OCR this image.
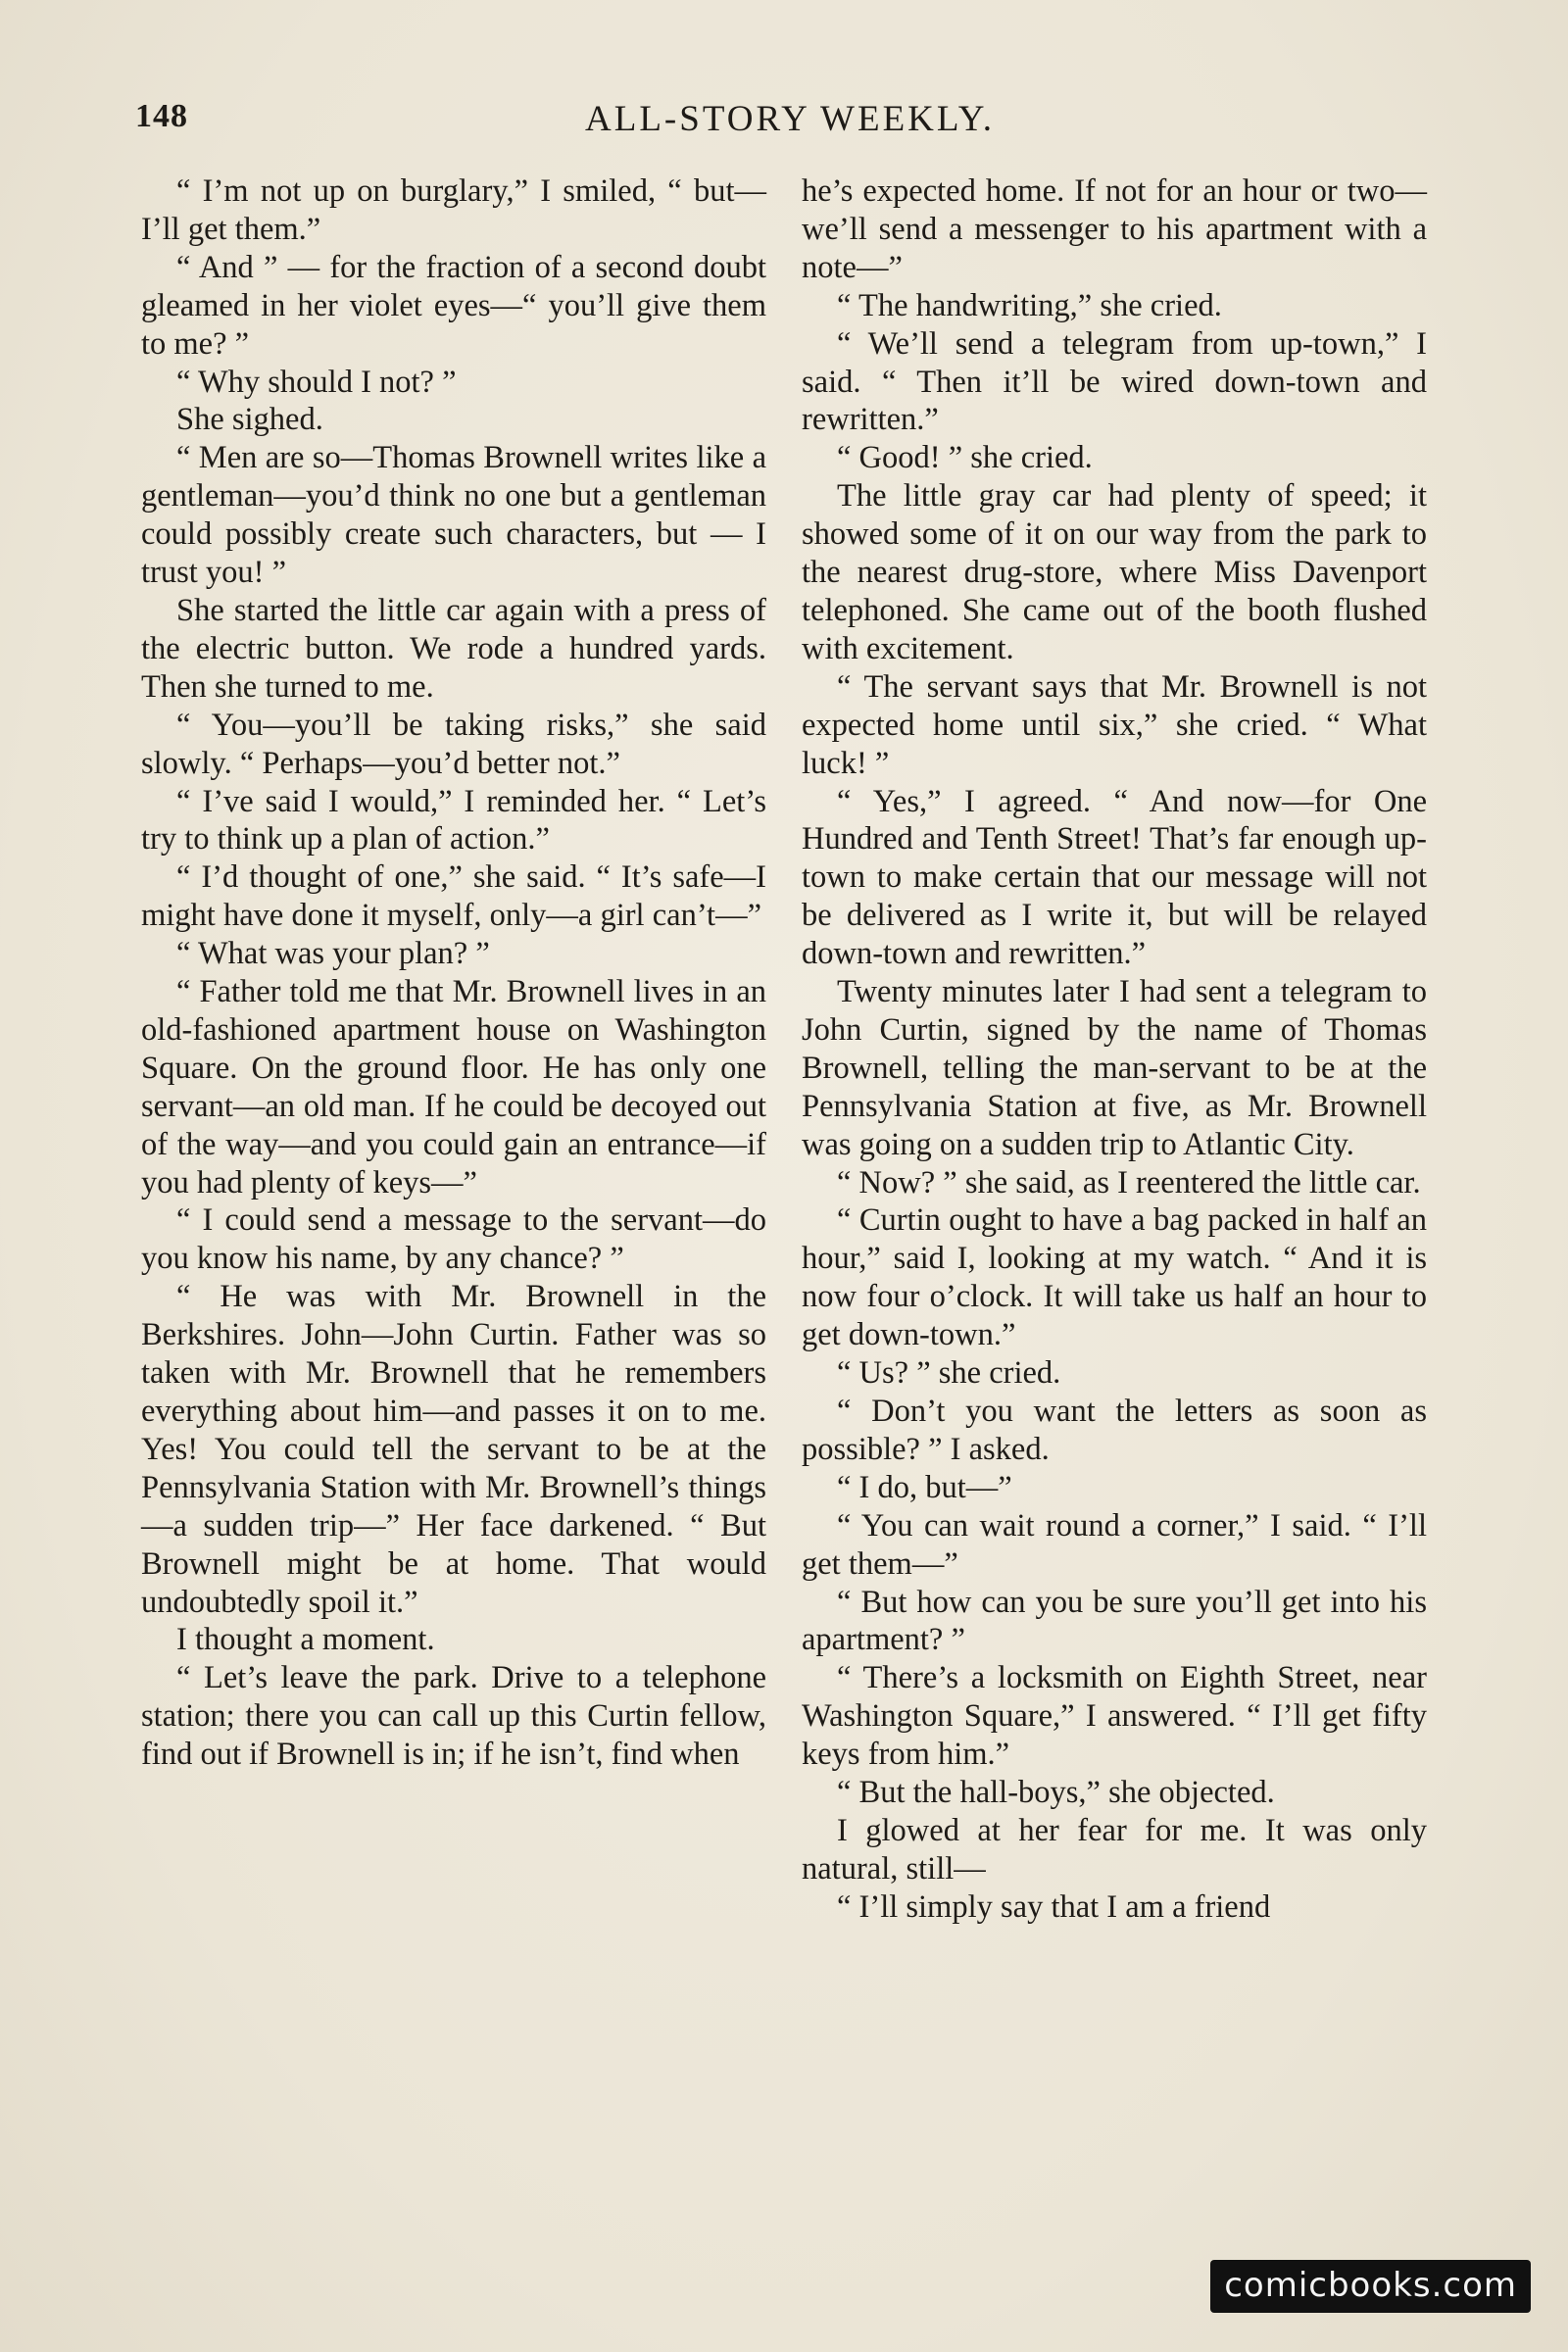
148	ALL-STORY WEEKLY.

“ I’m not up on burglary,” I smiled, “ but—I’ll get them.”

“ And ” — for the fraction of a second doubt gleamed in her violet eyes—“ you’ll give them to me? ”

“ Why should I not? ”

She sighed.

“ Men are so—Thomas Brownell writes like a gentleman—you’d think no one but a gentleman could possibly create such characters, but — I trust you! ”

She started the little car again with a press of the electric button. We rode a hundred yards. Then she turned to me.

“ You—you’ll be taking risks,” she said slowly. “ Perhaps—you’d better not.”

“ I’ve said I would,” I reminded her. “ Let’s try to think up a plan of action.”

“ I’d thought of one,” she said. “ It’s safe—I might have done it myself, only—a girl can’t—”

“ What was your plan? ”

“ Father told me that Mr. Brownell lives in an old-fashioned apartment house on Washington Square. On the ground floor. He has only one servant—an old man. If he could be decoyed out of the way—and you could gain an entrance—if you had plenty of keys—”

“ I could send a message to the servant—do you know his name, by any chance? ”

“ He was with Mr. Brownell in the Berkshires. John—John Curtin. Father was so taken with Mr. Brownell that he remembers everything about him—and passes it on to me. Yes! You could tell the servant to be at the Pennsylvania Station with Mr. Brownell’s things—a sudden trip—” Her face darkened. “ But Brownell might be at home. That would undoubtedly spoil it.”

I thought a moment.

“ Let’s leave the park. Drive to a telephone station; there you can call up this Curtin fellow, find out if Brownell is in; if he isn’t, find when

he’s expected home. If not for an hour or two—we’ll send a messenger to his apartment with a note—”

“ The handwriting,” she cried.

“ We’ll send a telegram from up-town,” I said. “ Then it’ll be wired down-town and rewritten.”

“ Good! ” she cried.

The little gray car had plenty of speed; it showed some of it on our way from the park to the nearest drug-store, where Miss Davenport telephoned. She came out of the booth flushed with excitement.

“ The servant says that Mr. Brownell is not expected home until six,” she cried. “ What luck! ”

“ Yes,” I agreed. “ And now—for One Hundred and Tenth Street! That’s far enough up-town to make certain that our message will not be delivered as I write it, but will be relayed down-town and rewritten.”

Twenty minutes later I had sent a telegram to John Curtin, signed by the name of Thomas Brownell, telling the man-servant to be at the Pennsylvania Station at five, as Mr. Brownell was going on a sudden trip to Atlantic City.

“ Now? ” she said, as I reentered the little car.

“ Curtin ought to have a bag packed in half an hour,” said I, looking at my watch. “ And it is now four o’clock. It will take us half an hour to get down-town.”

“ Us? ” she cried.

“ Don’t you want the letters as soon as possible? ” I asked.

“ I do, but—”

“ You can wait round a corner,” I said. “ I’ll get them—”

“ But how can you be sure you’ll get into his apartment? ”

“ There’s a locksmith on Eighth Street, near Washington Square,” I answered. “ I’ll get fifty keys from him.”

“ But the hall-boys,” she objected.

I glowed at her fear for me. It was only natural, still—

“ I’ll simply say that I am a friend

comicbooks.com
